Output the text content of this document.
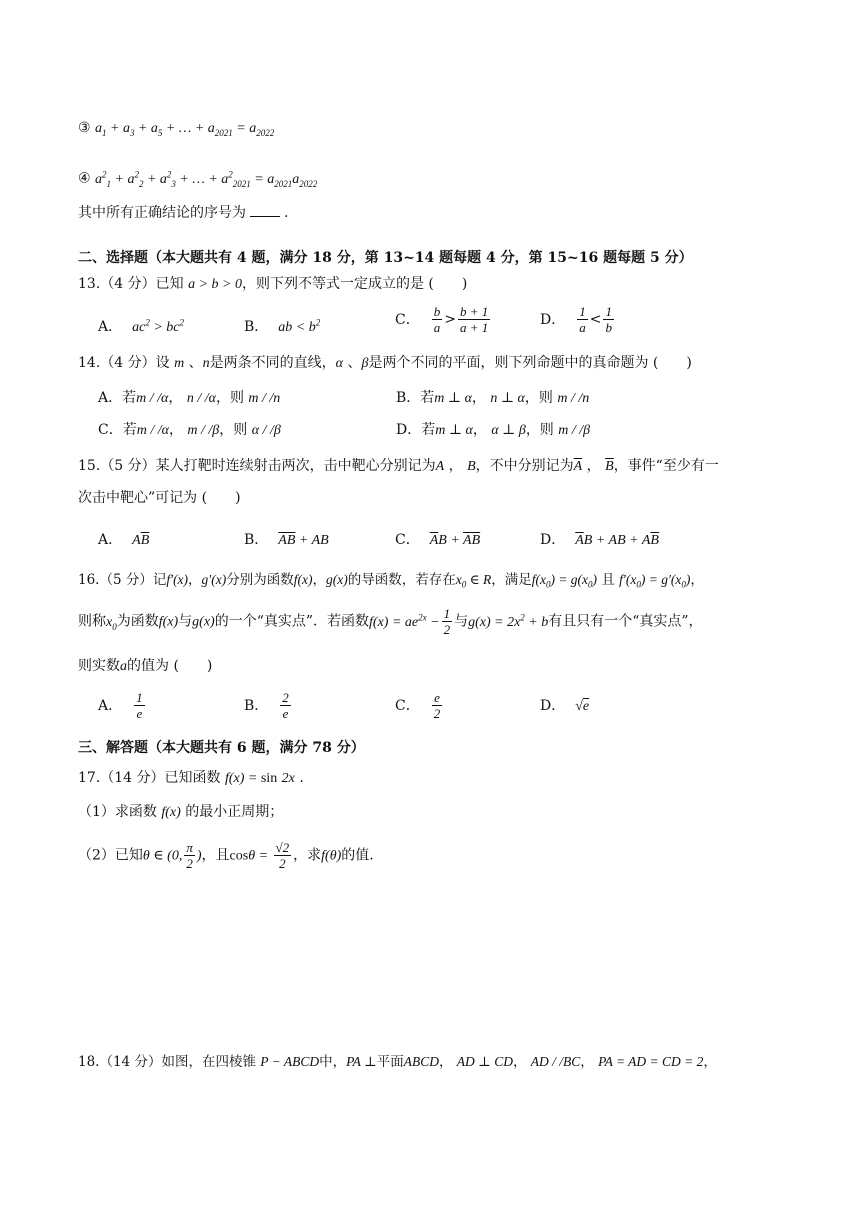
③ $a_1 + a_3 + a_5$ + … + $a_{2021} = a_{2022}$
④ $a^2_1 + a^2_2 + a^2_3$ + … + $a^2_{2021} = a_{2021}a_{2022}$
其中所有正确结论的序号为	.
二、选择题（本大题共有 4 题，满分 18 分，第 13~14 题每题 4 分，第 15~16 题每题 5 分）
13.（4 分）已知 a > b > 0，则下列不等式一定成立的是 (　　)
A． $ac^2 > bc^2$	B． ab < $b^2$	C． $\frac{b}{a} > \frac{b + 1}{a + 1}$	D． $\frac{1}{a} < \frac{1}{b}$
14.（4 分）设 m 、n是两条不同的直线，α 、β是两个不同的平面，则下列命题中的真命题为 (　　)
A．若m / /α， n / /α，则 m / /n	B．若m ⊥ α， n ⊥ α，则 m / /n
C．若m / /α， m / /β，则 α / /β	D．若m ⊥ α， α ⊥ β，则 m / /β
15.（5 分）某人打靶时连续射击两次，击中靶心分别记为A ， B，不中分别记为$\overline{A}$ ， $\overline{B}$，事件“至少有一
次击中靶心”可记为 (　　)
A． $A\overline{B}$	B． $\overline{AB}$ + AB	C． $\overline{A}B + \overline{AB}$	D． $\overline{A}B$ + AB + $A\overline{B}$
16.（5 分）记f′(x)，g′(x)分别为函数f(x)，g(x)的导函数，若存在$x_0$ ∈ R，满足$f(x_0) = g(x_0)$ 且 $f'(x_0) = g'(x_0)$，
则称$x_0$为函数f(x)与g(x)的一个“真实点”．若函数$f(x) = ae^{2x} - \frac{1}{2}$ 与$g(x) = 2x^2 + b$有且只有一个“真实点”，
则实数a的值为 (　　)
A． $\frac{1}{e}$	B． $\frac{2}{e}$	C． $\frac{e}{2}$	D． √e
三、解答题（本大题共有 6 题，满分 78 分）
17.（14 分）已知函数 f(x) = sin 2x .
（1）求函数 f(x) 的最小正周期；
（2）已知θ ∈ (0, $\frac{\pi}{2}$ )，且$\cos\theta = \frac{√2}{2}$ ，求f(θ)的值.
18.（14 分）如图，在四棱锥 P − ABCD中，PA ⊥平面ABCD， AD ⊥ CD， AD / /BC， PA = AD = CD = 2，
